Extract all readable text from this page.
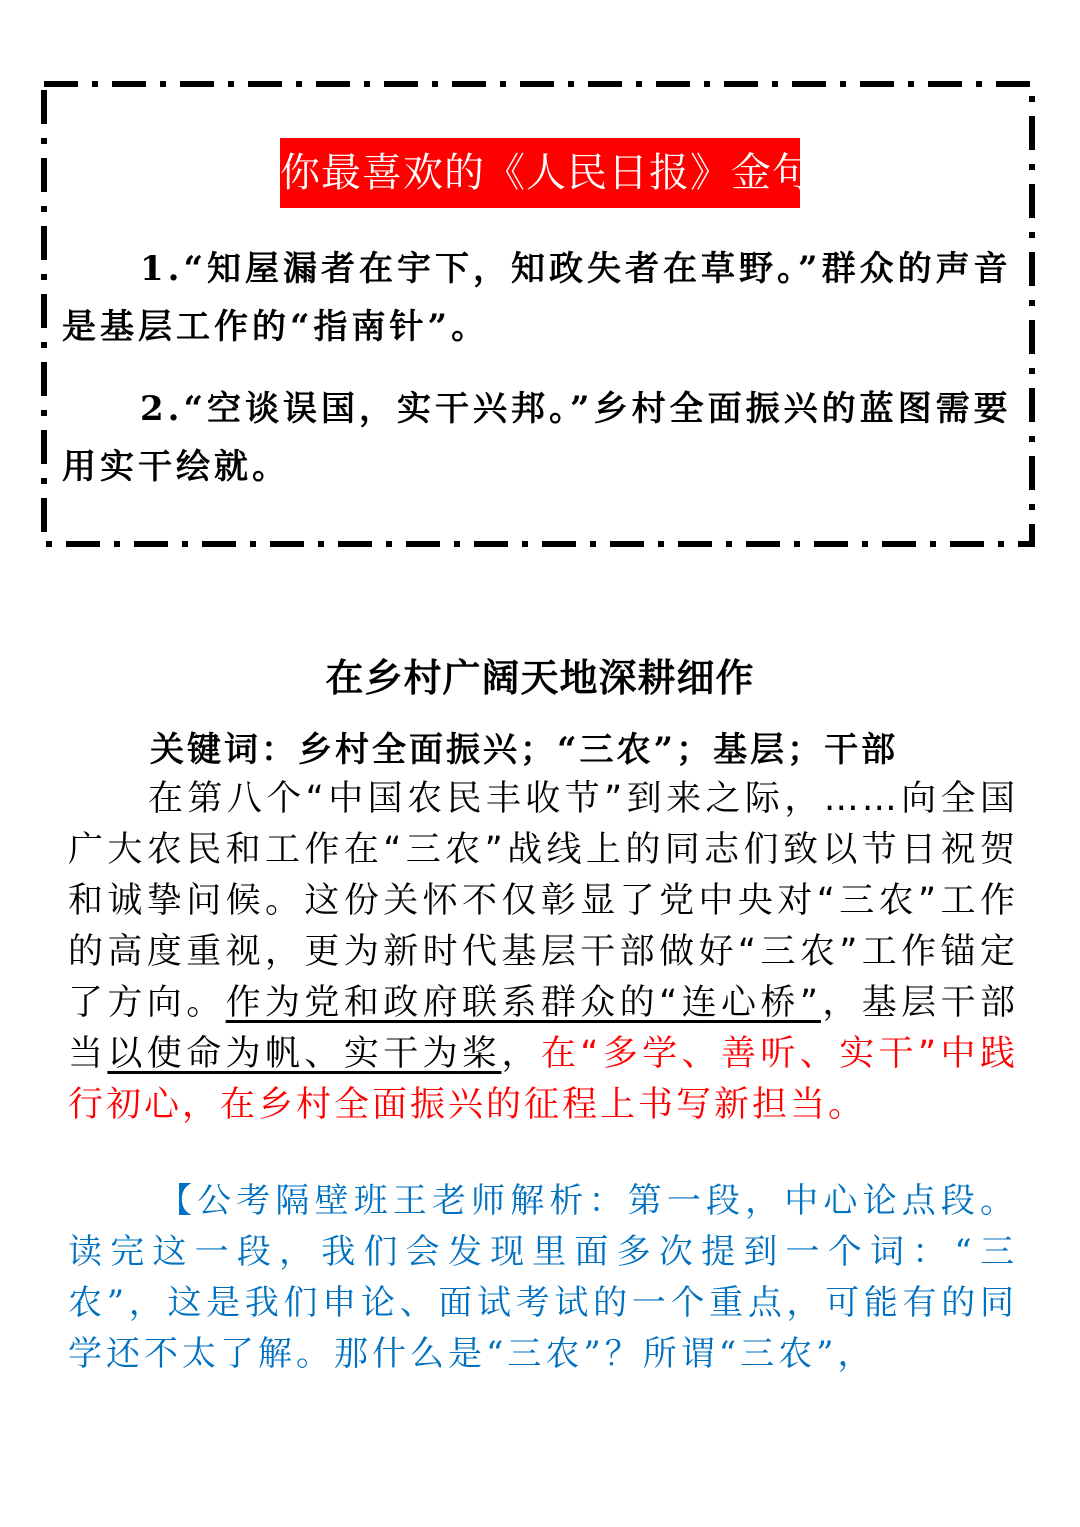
你最喜欢的《人民日报》金句
1.“知屋漏者在宇下，知政失者在草野。”群众的声音是基层工作的“指南针”。
2.“空谈误国，实干兴邦。”乡村全面振兴的蓝图需要用实干绘就。
在乡村广阔天地深耕细作
关键词：乡村全面振兴；“三农”；基层；干部
在第八个“中国农民丰收节”到来之际，……向全国广大农民和工作在“三农”战线上的同志们致以节日祝贺和诚挚问候。这份关怀不仅彰显了党中央对“三农”工作的高度重视，更为新时代基层干部做好“三农”工作锚定了方向。作为党和政府联系群众的“连心桥”，基层干部当以使命为帆、实干为桨，在“多学、善听、实干”中践行初心，在乡村全面振兴的征程上书写新担当。
【公考隔壁班王老师解析：第一段，中心论点段。读完这一段，我们会发现里面多次提到一个词：“三农”，这是我们申论、面试考试的一个重点，可能有的同学还不太了解。那什么是“三农”？所谓“三农”，
